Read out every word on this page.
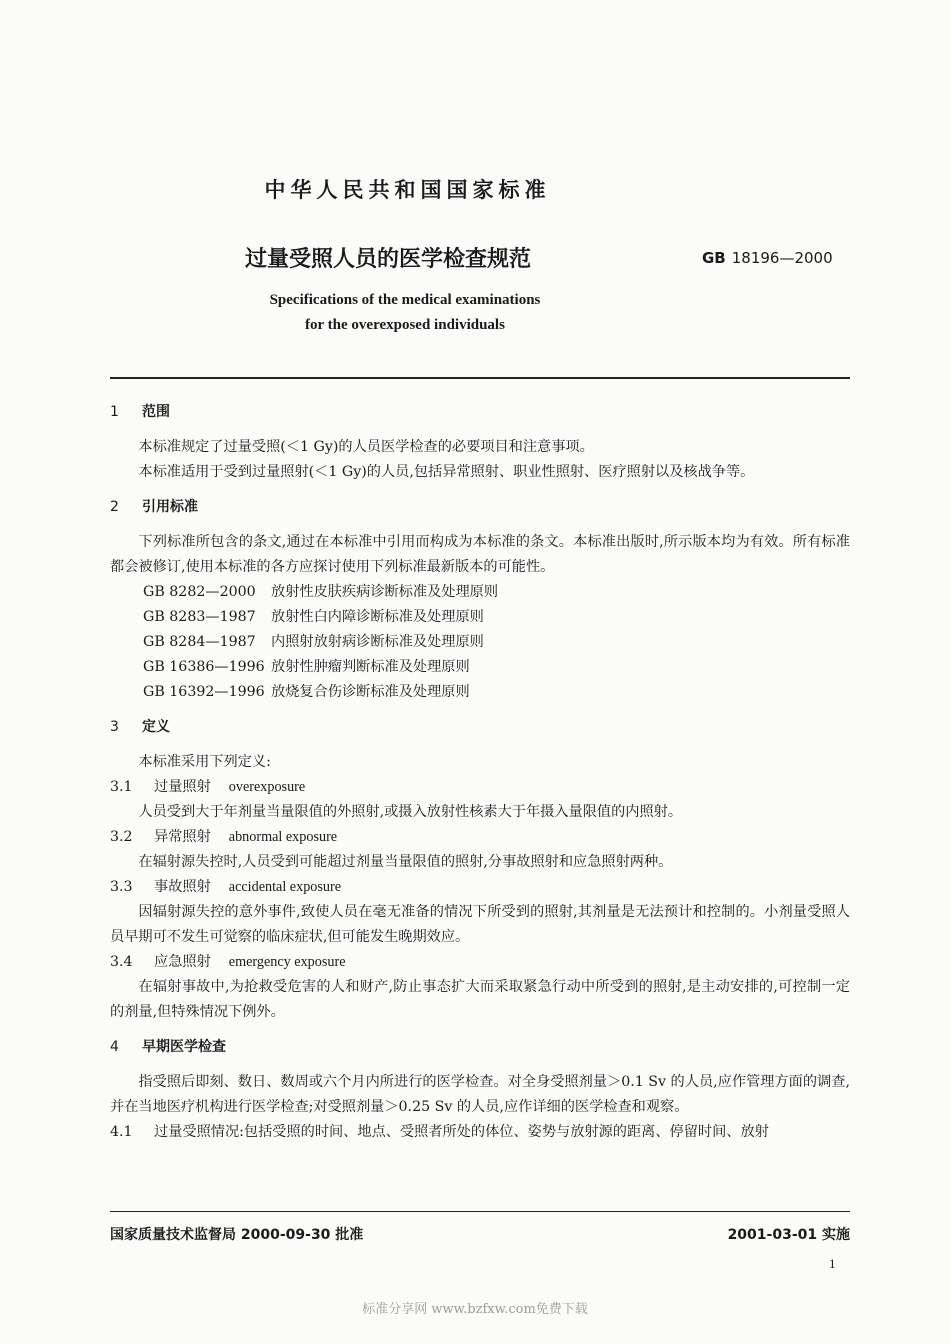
中华人民共和国国家标准
过量受照人员的医学检查规范	GB 18196—2000
Specifications of the medical examinations
for the overexposed individuals
1 范围
本标准规定了过量受照(＜1 Gy)的人员医学检查的必要项目和注意事项。
本标准适用于受到过量照射(＜1 Gy)的人员,包括异常照射、职业性照射、医疗照射以及核战争等。
2 引用标准
下列标准所包含的条文,通过在本标准中引用而构成为本标准的条文。本标准出版时,所示版本均为有效。所有标准都会被修订,使用本标准的各方应探讨使用下列标准最新版本的可能性。
GB 8282—2000 放射性皮肤疾病诊断标准及处理原则
GB 8283—1987 放射性白内障诊断标准及处理原则
GB 8284—1987 内照射放射病诊断标准及处理原则
GB 16386—1996 放射性肿瘤判断标准及处理原则
GB 16392—1996 放烧复合伤诊断标准及处理原则
3 定义
本标准采用下列定义:
3.1 过量照射 overexposure
人员受到大于年剂量当量限值的外照射,或摄入放射性核素大于年摄入量限值的内照射。
3.2 异常照射 abnormal exposure
在辐射源失控时,人员受到可能超过剂量当量限值的照射,分事故照射和应急照射两种。
3.3 事故照射 accidental exposure
因辐射源失控的意外事件,致使人员在毫无准备的情况下所受到的照射,其剂量是无法预计和控制的。小剂量受照人员早期可不发生可觉察的临床症状,但可能发生晚期效应。
3.4 应急照射 emergency exposure
在辐射事故中,为抢救受危害的人和财产,防止事态扩大而采取紧急行动中所受到的照射,是主动安排的,可控制一定的剂量,但特殊情况下例外。
4 早期医学检查
指受照后即刻、数日、数周或六个月内所进行的医学检查。对全身受照剂量＞0.1 Sv 的人员,应作管理方面的调查,并在当地医疗机构进行医学检查;对受照剂量＞0.25 Sv 的人员,应作详细的医学检查和观察。
4.1 过量受照情况:包括受照的时间、地点、受照者所处的体位、姿势与放射源的距离、停留时间、放射
国家质量技术监督局 2000-09-30 批准	2001-03-01 实施
1
标准分享网 www.bzfxw.com免费下载
